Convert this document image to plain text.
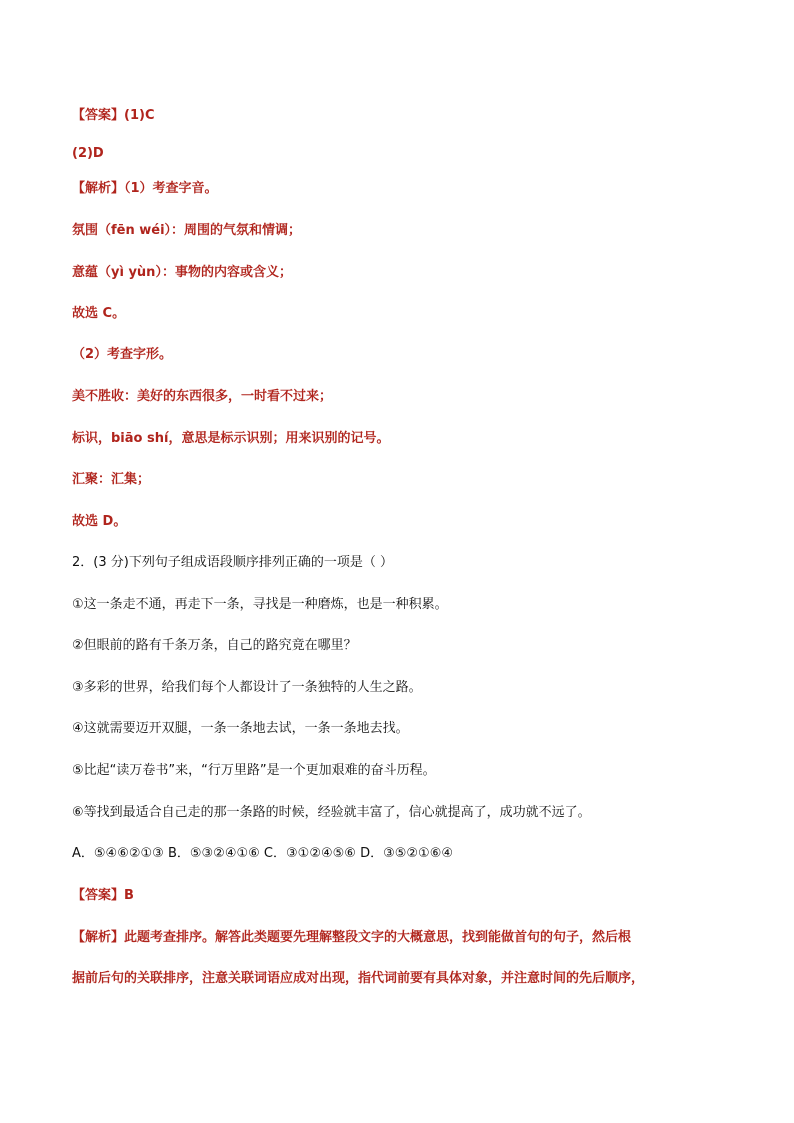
【答案】(1)C
(2)D
【解析】（1）考查字音。
氛围（fēn wéi）：周围的气氛和情调；
意蕴（yì yùn）：事物的内容或含义；
故选 C。
（2）考查字形。
美不胜收：美好的东西很多，一时看不过来；
标识，biāo shí，意思是标示识别；用来识别的记号。
汇聚：汇集；
故选 D。
2．(3 分)下列句子组成语段顺序排列正确的一项是（ ）
①这一条走不通，再走下一条，寻找是一种磨炼，也是一种积累。
②但眼前的路有千条万条，自己的路究竟在哪里？
③多彩的世界，给我们每个人都设计了一条独特的人生之路。
④这就需要迈开双腿，一条一条地去试，一条一条地去找。
⑤比起“读万卷书”来，“行万里路”是一个更加艰难的奋斗历程。
⑥等找到最适合自己走的那一条路的时候，经验就丰富了，信心就提高了，成功就不远了。
A．⑤④⑥②①③ B．⑤③②④①⑥ C．③①②④⑤⑥ D．③⑤②①⑥④
【答案】B
【解析】此题考查排序。解答此类题要先理解整段文字的大概意思，找到能做首句的句子，然后根
据前后句的关联排序，注意关联词语应成对出现，指代词前要有具体对象，并注意时间的先后顺序，
